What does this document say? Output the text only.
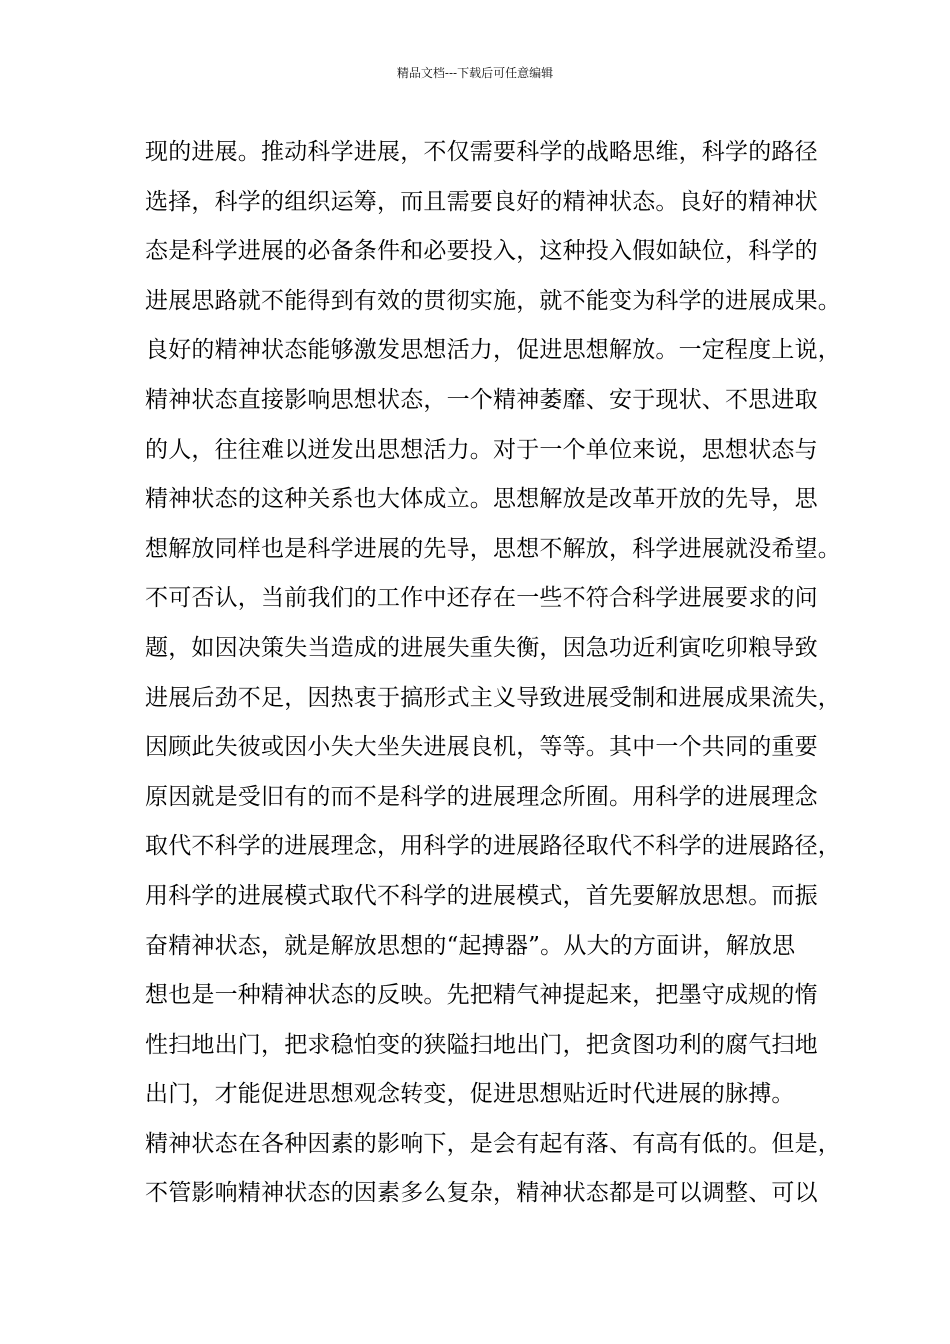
精品文档---下载后可任意编辑
现的进展。推动科学进展，不仅需要科学的战略思维，科学的路径
选择，科学的组织运筹，而且需要良好的精神状态。良好的精神状
态是科学进展的必备条件和必要投入，这种投入假如缺位，科学的
进展思路就不能得到有效的贯彻实施，就不能变为科学的进展成果。
良好的精神状态能够激发思想活力，促进思想解放。一定程度上说，
精神状态直接影响思想状态，一个精神萎靡、安于现状、不思进取
的人，往往难以迸发出思想活力。对于一个单位来说，思想状态与
精神状态的这种关系也大体成立。思想解放是改革开放的先导，思
想解放同样也是科学进展的先导，思想不解放，科学进展就没希望。
不可否认，当前我们的工作中还存在一些不符合科学进展要求的问
题，如因决策失当造成的进展失重失衡，因急功近利寅吃卯粮导致
进展后劲不足，因热衷于搞形式主义导致进展受制和进展成果流失，
因顾此失彼或因小失大坐失进展良机，等等。其中一个共同的重要
原因就是受旧有的而不是科学的进展理念所囿。用科学的进展理念
取代不科学的进展理念，用科学的进展路径取代不科学的进展路径，
用科学的进展模式取代不科学的进展模式，首先要解放思想。而振
奋精神状态，就是解放思想的“起搏器”。从大的方面讲，解放思
想也是一种精神状态的反映。先把精气神提起来，把墨守成规的惰
性扫地出门，把求稳怕变的狭隘扫地出门，把贪图功利的腐气扫地
出门，才能促进思想观念转变，促进思想贴近时代进展的脉搏。
精神状态在各种因素的影响下，是会有起有落、有高有低的。但是，
不管影响精神状态的因素多么复杂，精神状态都是可以调整、可以
